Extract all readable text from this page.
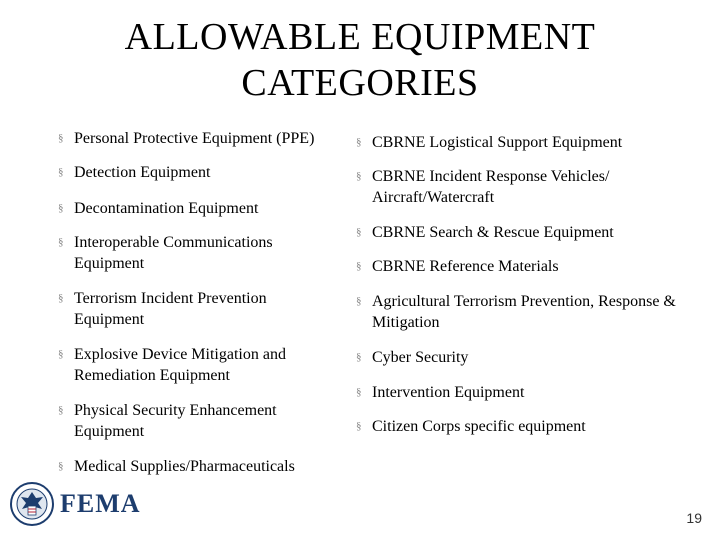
ALLOWABLE EQUIPMENT
CATEGORIES
§ Personal Protective Equipment (PPE)
§ Detection Equipment
§ Decontamination Equipment
§ Interoperable Communications Equipment
§ Terrorism Incident Prevention Equipment
§ Explosive Device Mitigation and Remediation Equipment
§ Physical Security Enhancement Equipment
§ Medical Supplies/Pharmaceuticals
§ CBRNE Logistical Support Equipment
§ CBRNE Incident Response Vehicles/ Aircraft/Watercraft
§ CBRNE Search & Rescue Equipment
§ CBRNE Reference Materials
§ Agricultural Terrorism Prevention, Response & Mitigation
§ Cyber Security
§ Intervention Equipment
§ Citizen Corps specific equipment
FEMA	19
